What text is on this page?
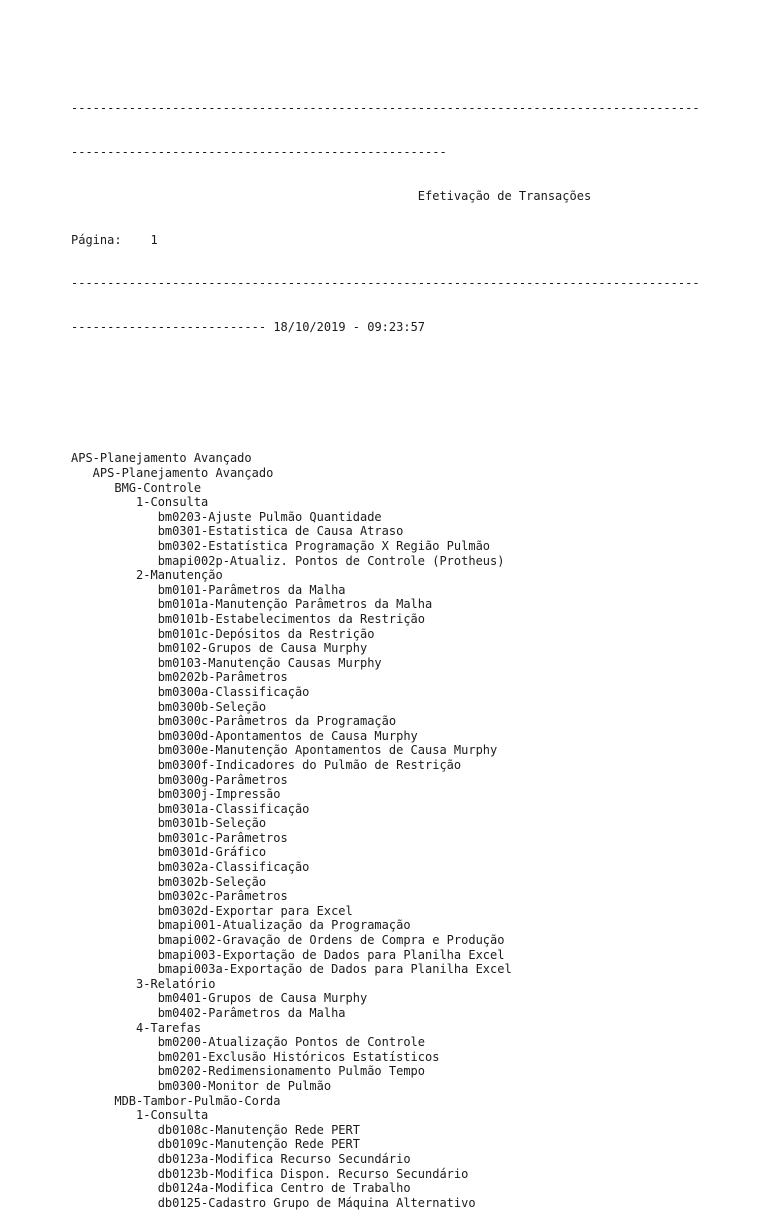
---------------------------------------------------------------------------------------

----------------------------------------------------

Efetivação de Transações

Página: 1

---------------------------------------------------------------------------------------

--------------------------- 18/10/2019 - 09:23:57

APS-Planejamento Avançado
APS-Planejamento Avançado
BMG-Controle
1-Consulta
bm0203-Ajuste Pulmão Quantidade
bm0301-Estatistica de Causa Atraso
bm0302-Estatística Programação X Região Pulmão
bmapi002p-Atualiz. Pontos de Controle (Protheus)
2-Manutenção
bm0101-Parâmetros da Malha
bm0101a-Manutenção Parâmetros da Malha
bm0101b-Estabelecimentos da Restrição
bm0101c-Depósitos da Restrição
bm0102-Grupos de Causa Murphy
bm0103-Manutenção Causas Murphy
bm0202b-Parâmetros
bm0300a-Classificação
bm0300b-Seleção
bm0300c-Parâmetros da Programação
bm0300d-Apontamentos de Causa Murphy
bm0300e-Manutenção Apontamentos de Causa Murphy
bm0300f-Indicadores do Pulmão de Restrição
bm0300g-Parâmetros
bm0300j-Impressão
bm0301a-Classificação
bm0301b-Seleção
bm0301c-Parâmetros
bm0301d-Gráfico
bm0302a-Classificação
bm0302b-Seleção
bm0302c-Parâmetros
bm0302d-Exportar para Excel
bmapi001-Atualização da Programação
bmapi002-Gravação de Ordens de Compra e Produção
bmapi003-Exportação de Dados para Planilha Excel
bmapi003a-Exportação de Dados para Planilha Excel
3-Relatório
bm0401-Grupos de Causa Murphy
bm0402-Parâmetros da Malha
4-Tarefas
bm0200-Atualização Pontos de Controle
bm0201-Exclusão Históricos Estatísticos
bm0202-Redimensionamento Pulmão Tempo
bm0300-Monitor de Pulmão
MDB-Tambor-Pulmão-Corda
1-Consulta
db0108c-Manutenção Rede PERT
db0109c-Manutenção Rede PERT
db0123a-Modifica Recurso Secundário
db0123b-Modifica Dispon. Recurso Secundário
db0124a-Modifica Centro de Trabalho
db0125-Cadastro Grupo de Máquina Alternativo
